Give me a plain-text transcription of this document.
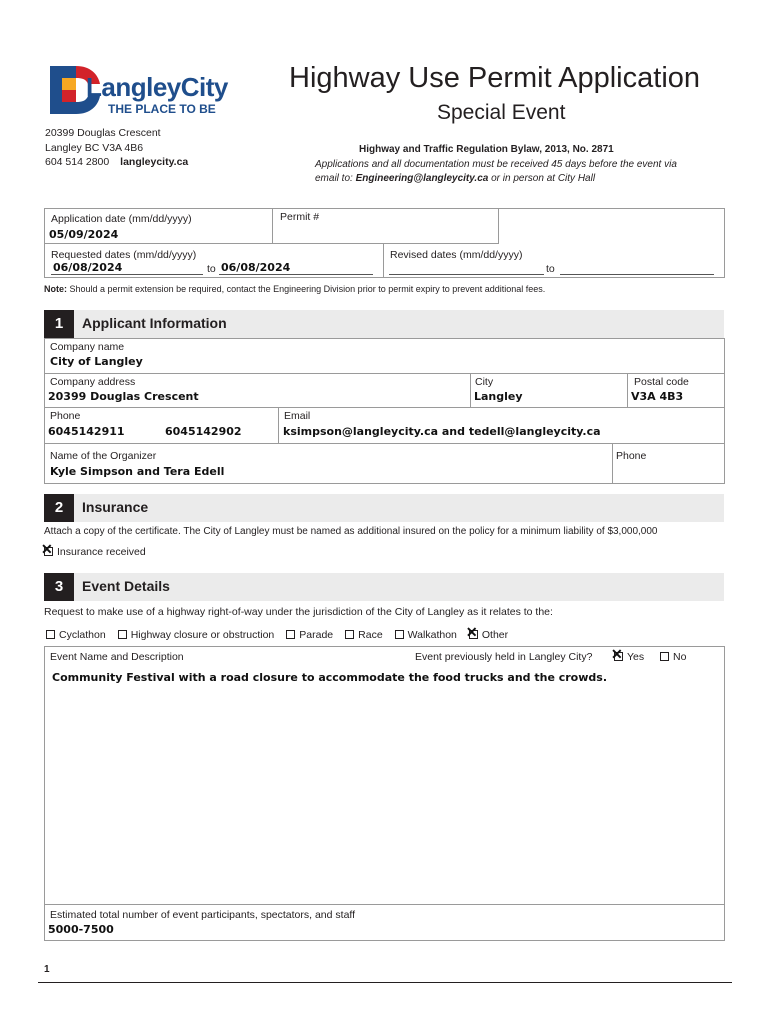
LangleyCity
THE PLACE TO BE
Highway Use Permit Application
Special Event
20399 Douglas Crescent
Langley BC V3A 4B6
604 514 2800 langleycity.ca
Highway and Traffic Regulation Bylaw, 2013, No. 2871
Applications and all documentation must be received 45 days before the event via
email to: Engineering@langleycity.ca or in person at City Hall
Application date (mm/dd/yyyy)
05/09/2024
Permit #
Requested dates (mm/dd/yyyy)
06/08/2024	to 06/08/2024
Revised dates (mm/dd/yyyy)
to
Note: Should a permit extension be required, contact the Engineering Division prior to permit expiry to prevent additional fees.
1	Applicant Information
Company name
City of Langley
Company address
20399 Douglas Crescent
City
Langley
Postal code
V3A 4B3
Phone
6045142911	6045142902
Email
ksimpson@langleycity.ca and tedell@langleycity.ca
Name of the Organizer
Kyle Simpson and Tera Edell
Phone
2	Insurance
Attach a copy of the certificate. The City of Langley must be named as additional insured on the policy for a minimum liability of $3,000,000
✕Insurance received
3	Event Details
Request to make use of a highway right-of-way under the jurisdiction of the City of Langley as it relates to the:
Cyclathon Highway closure or obstruction Parade Race Walkathon ✕ Other
Event Name and Description	Event previously held in Langley City? ✕	Yes	No
Community Festival with a road closure to accommodate the food trucks and the crowds.
Estimated total number of event participants, spectators, and staff
5000-7500
1
